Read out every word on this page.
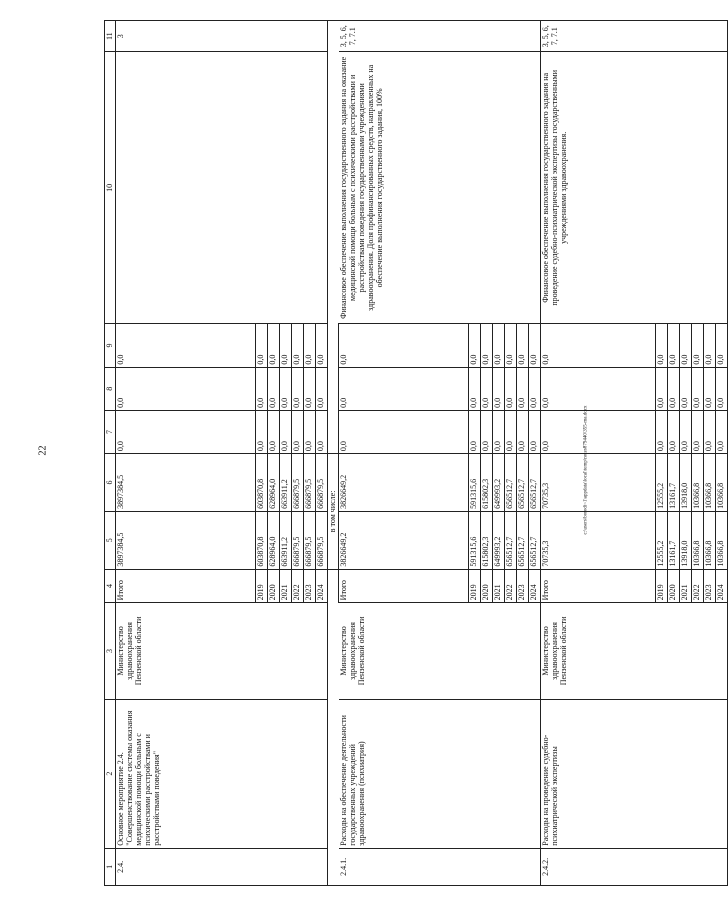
22
1	2	3	4	5	6	7	8	9	10	11
2.4.	Основное мероприятие 2.4. "Совершенствование системы оказания медицинской помощи больным с психическими расстройствами и расстройствами поведения"	Министерство здравоохранения Пензенской области	Итого	3897384,5	3897384,5	0,0	0,0	0,0		3
			2019	603870,8	603870,8	0,0	0,0	0,0		
			2020	628964,0	628964,0	0,0	0,0	0,0		
			2021	663911,2	663911,2	0,0	0,0	0,0		
			2022	666879,5	666879,5	0,0	0,0	0,0		
			2023	666879,5	666879,5	0,0	0,0	0,0		
			2024	666879,5	666879,5	0,0	0,0	0,0		
				в том числе:						
2.4.1.	Расходы на обеспечение деятельности государственных учреждений здравоохранения (психиатрия)	Министерство здравоохранения Пензенской области	Итого	3826649,2	3826649,2	0,0	0,0	0,0	Финансовое обеспечение выполнения государственного задания на оказание медицинской помощи больным с психическими расстройствами и расстройствами поведения государственными учреждениями здравоохранения. Доля профинансированных средств, направленных на обеспечение выполнения государственного задания, 100%	3, 5, 6, 7, 7.1
			2019	591315,6	591315,6	0,0	0,0	0,0		
			2020	615802,3	615802,3	0,0	0,0	0,0		
			2021	649993,2	649993,2	0,0	0,0	0,0		
			2022	656512,7	656512,7	0,0	0,0	0,0		
			2023	656512,7	656512,7	0,0	0,0	0,0		
			2024	656512,7	656512,7	0,0	0,0	0,0		
2.4.2.	Расходы на проведение судебно-психиатрической экспертизы	Министерство здравоохранения Пензенской области	Итого	70735,3	70735,3	0,0	0,0	0,0	Финансовое обеспечение выполнения государственного задания на проведение судебно-психиатрической экспертизы государственными учреждениями здравоохранения.	3, 5, 6, 7, 7.1
			2019	12555,2	12555,2	0,0	0,0	0,0		
			2020	13161,7	13161,7	0,0	0,0	0,0		
			2021	13918,0	13918,0	0,0	0,0	0,0		
			2022	10366,8	10366,8	0,0	0,0	0,0		
			2023	10366,8	10366,8	0,0	0,0	0,0		
			2024	10366,8	10366,8	0,0	0,0	0,0		
c:\users\borodi~1\appdata\local\temp\notes879440\355-ma.docx
